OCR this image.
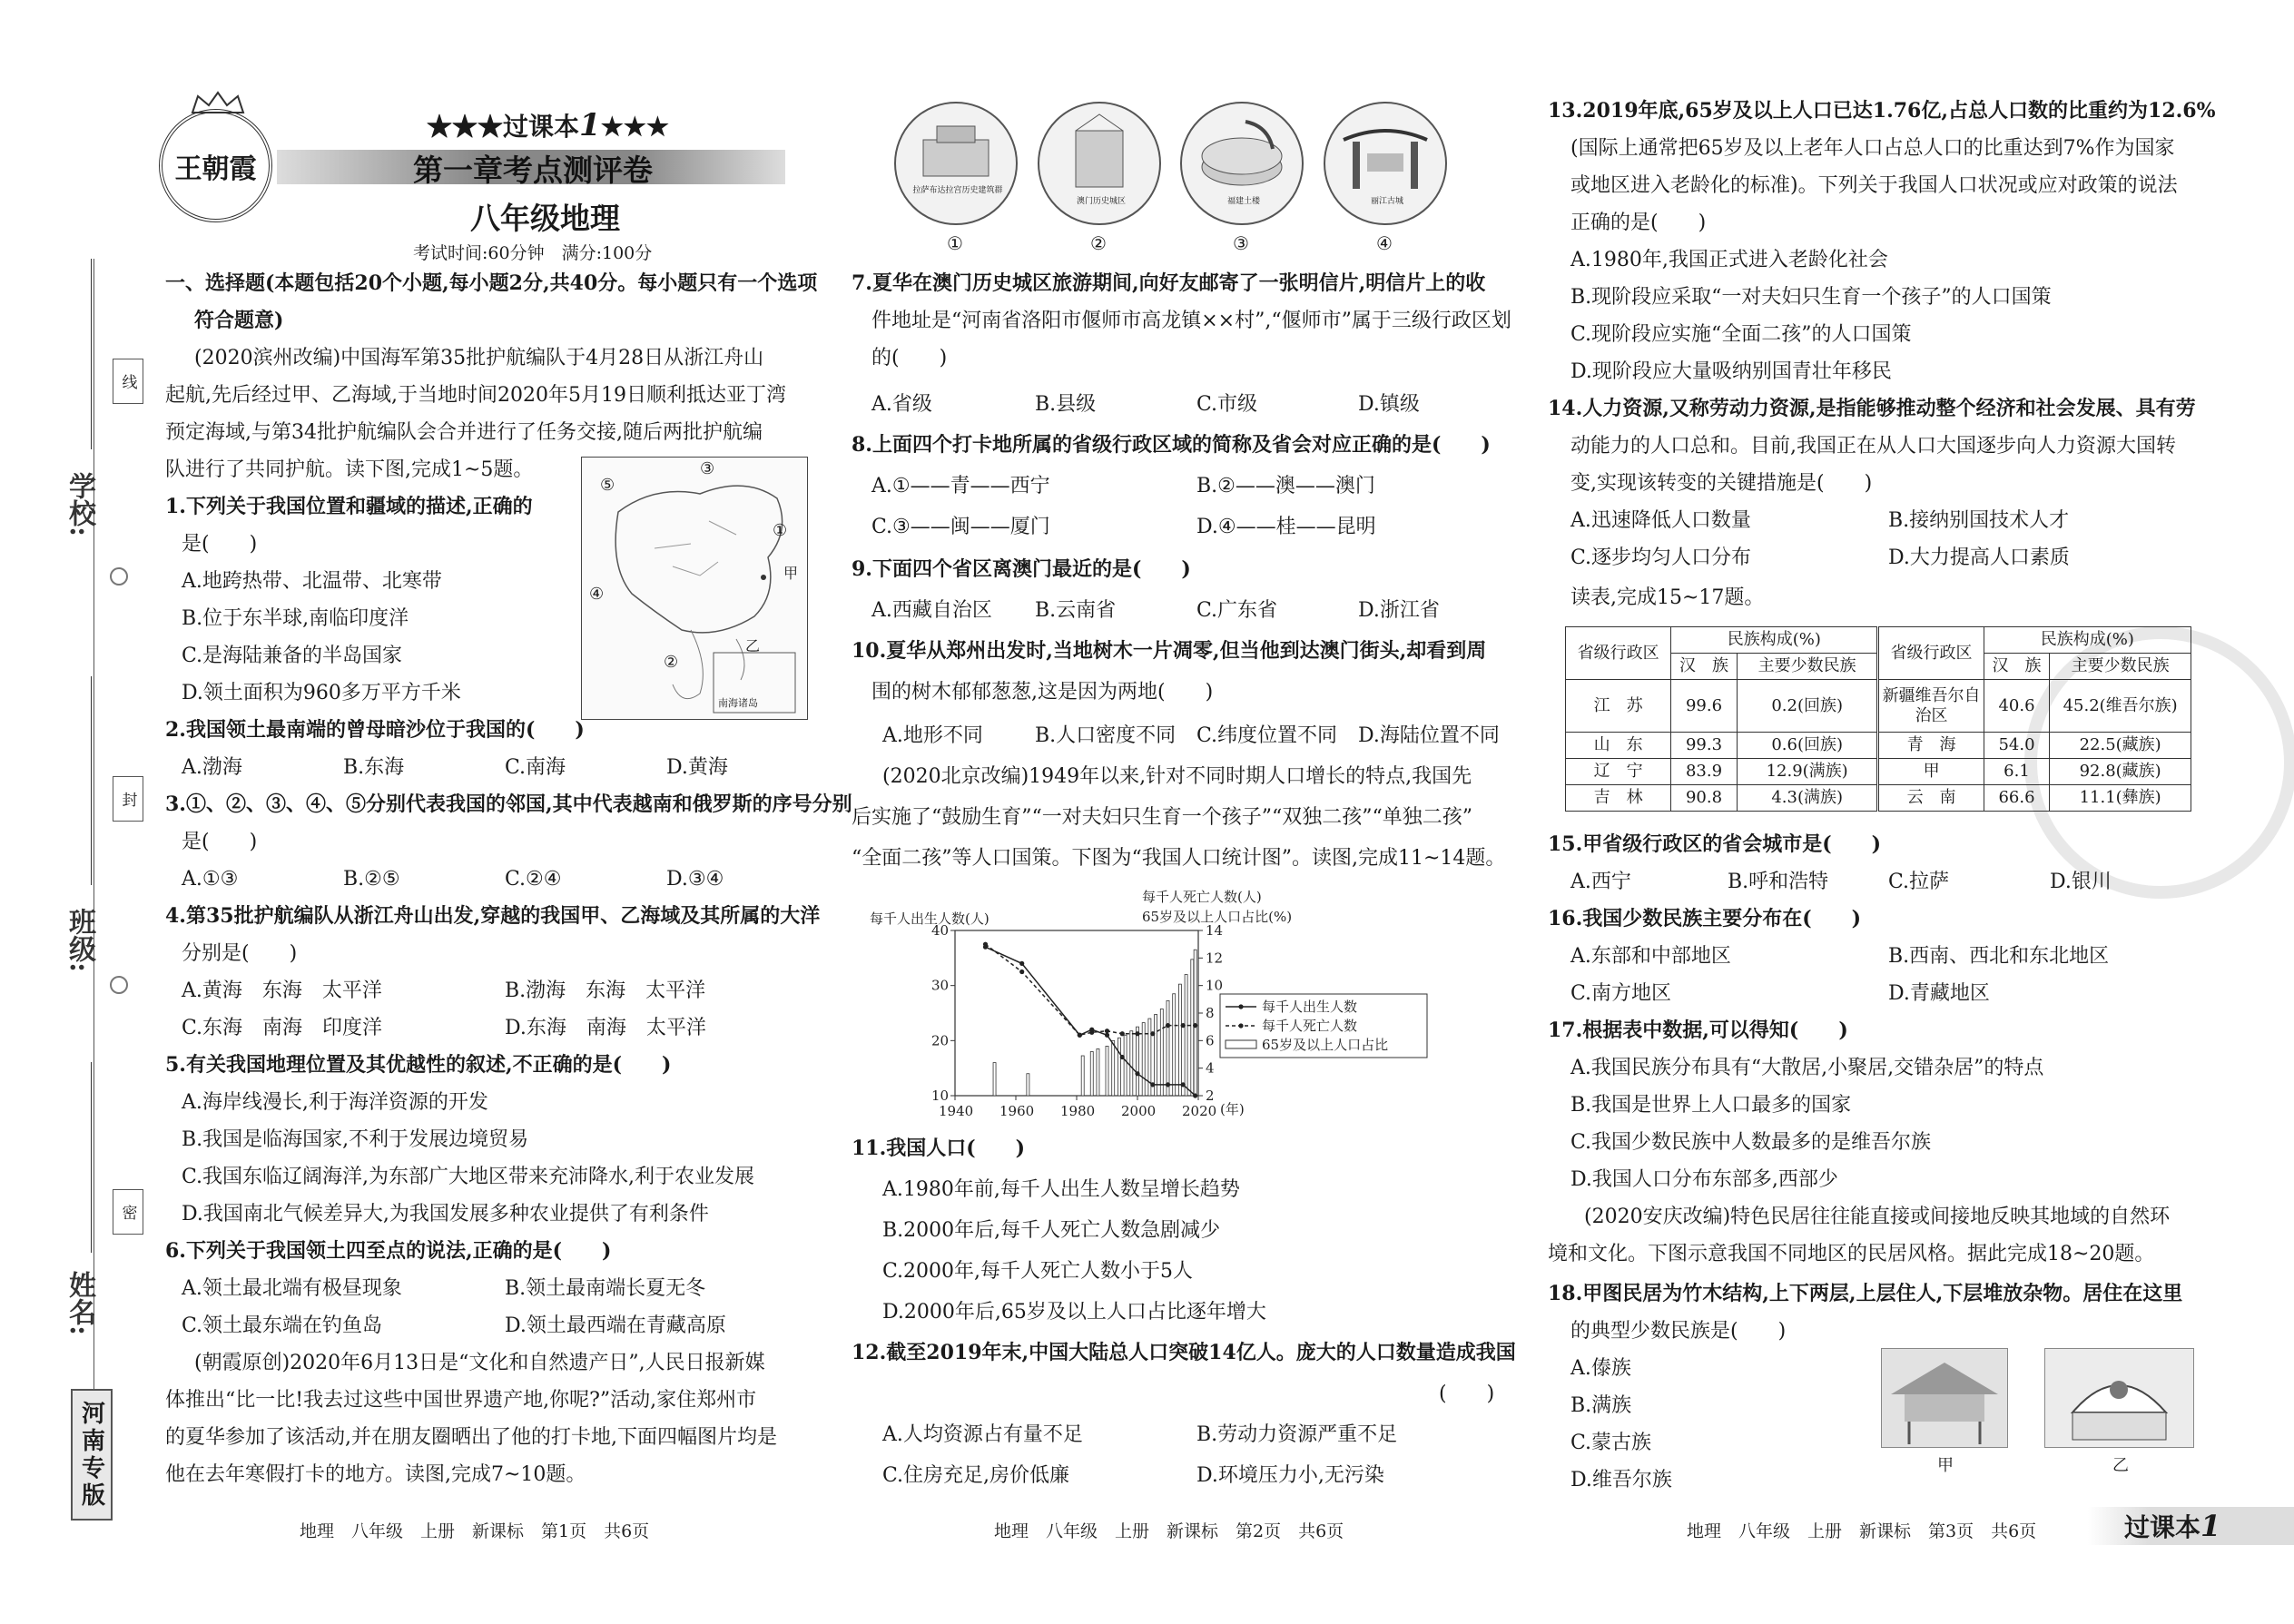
学校:
班级:
姓名:
线
封
密
河南专版
王朝霞
★★★过课本1★★★
第一章考点测评卷
八年级地理
考试时间:60分钟　满分:100分
一、选择题(本题包括20个小题,每小题2分,共40分。每小题只有一个选项
符合题意)
(2020滨州改编)中国海军第35批护航编队于4月28日从浙江舟山
起航,先后经过甲、乙海域,于当地时间2020年5月19日顺利抵达亚丁湾
预定海域,与第34批护航编队会合并进行了任务交接,随后两批护航编
队进行了共同护航。读下图,完成1~5题。
⑤
③
④
②
①
甲
乙
南海诸岛
1.下列关于我国位置和疆域的描述,正确的
是(　　)
A.地跨热带、北温带、北寒带
B.位于东半球,南临印度洋
C.是海陆兼备的半岛国家
D.领土面积为960多万平方千米
2.我国领土最南端的曾母暗沙位于我国的(　　)
A.渤海	B.东海	C.南海	D.黄海
3.①、②、③、④、⑤分别代表我国的邻国,其中代表越南和俄罗斯的序号分别
是(　　)
A.①③	B.②⑤	C.②④	D.③④
4.第35批护航编队从浙江舟山出发,穿越的我国甲、乙海域及其所属的大洋
分别是(　　)
A.黄海　东海　太平洋	B.渤海　东海　太平洋
C.东海　南海　印度洋	D.东海　南海　太平洋
5.有关我国地理位置及其优越性的叙述,不正确的是(　　)
A.海岸线漫长,利于海洋资源的开发
B.我国是临海国家,不利于发展边境贸易
C.我国东临辽阔海洋,为东部广大地区带来充沛降水,利于农业发展
D.我国南北气候差异大,为我国发展多种农业提供了有利条件
6.下列关于我国领土四至点的说法,正确的是(　　)
A.领土最北端有极昼现象	B.领土最南端长夏无冬
C.领土最东端在钓鱼岛	D.领土最西端在青藏高原
(朝霞原创)2020年6月13日是“文化和自然遗产日”,人民日报新媒
体推出“比一比!我去过这些中国世界遗产地,你呢?”活动,家住郑州市
的夏华参加了该活动,并在朋友圈晒出了他的打卡地,下面四幅图片均是
他在去年寒假打卡的地方。读图,完成7~10题。
地理　八年级　上册　新课标　第1页　共6页
拉萨布达拉宫历史建筑群
澳门历史城区	福建土楼	丽江古城
①	②	③	④
7.夏华在澳门历史城区旅游期间,向好友邮寄了一张明信片,明信片上的收
件地址是“河南省洛阳市偃师市高龙镇××村”,“偃师市”属于三级行政区划
的(　　)
A.省级	B.县级	C.市级	D.镇级
8.上面四个打卡地所属的省级行政区域的简称及省会对应正确的是(　　)
A.①——青——西宁	B.②——澳——澳门
C.③——闽——厦门	D.④——桂——昆明
9.下面四个省区离澳门最近的是(　　)
A.西藏自治区 B.云南省	C.广东省	D.浙江省
10.夏华从郑州出发时,当地树木一片凋零,但当他到达澳门街头,却看到周
围的树木郁郁葱葱,这是因为两地(　　)
A.地形不同	B.人口密度不同 C.纬度位置不同 D.海陆位置不同
(2020北京改编)1949年以来,针对不同时期人口增长的特点,我国先
后实施了“鼓励生育”“一对夫妇只生育一个孩子”“双独二孩”“单独二孩”
“全面二孩”等人口国策。下图为“我国人口统计图”。读图,完成11~14题。
每千人出生人数(人)
每千人死亡人数(人)
65岁及以上人口占比(%)
(年)
1940 1960 1980 2000 2020
10
20
30
40
2
4
6
8
10
12
14
每千人出生人数
每千人死亡人数
65岁及以上人口占比
11.我国人口(　　)
A.1980年前,每千人出生人数呈增长趋势
B.2000年后,每千人死亡人数急剧减少
C.2000年,每千人死亡人数小于5人
D.2000年后,65岁及以上人口占比逐年增大
12.截至2019年末,中国大陆总人口突破14亿人。庞大的人口数量造成我国
(　　)
A.人均资源占有量不足	B.劳动力资源严重不足
C.住房充足,房价低廉	D.环境压力小,无污染
地理　八年级　上册　新课标　第2页　共6页
13.2019年底,65岁及以上人口已达1.76亿,占总人口数的比重约为12.6%
(国际上通常把65岁及以上老年人口占总人口的比重达到7%作为国家
或地区进入老龄化的标准)。下列关于我国人口状况或应对政策的说法
正确的是(　　)
A.1980年,我国正式进入老龄化社会
B.现阶段应采取“一对夫妇只生育一个孩子”的人口国策
C.现阶段应实施“全面二孩”的人口国策
D.现阶段应大量吸纳别国青壮年移民
14.人力资源,又称劳动力资源,是指能够推动整个经济和社会发展、具有劳
动能力的人口总和。目前,我国正在从人口大国逐步向人力资源大国转
变,实现该转变的关键措施是(　　)
A.迅速降低人口数量	B.接纳别国技术人才
C.逐步均匀人口分布	D.大力提高人口素质
读表,完成15~17题。
省级行政区	民族构成(%)		省级行政区	民族构成(%)	
	汉　族	主要少数民族		汉　族	主要少数民族
江　苏	99.6	0.2(回族)	新疆维吾尔自治区	40.6	45.2(维吾尔族)
山　东	99.3	0.6(回族)	青　海	54.0	22.5(藏族)
辽　宁	83.9	12.9(满族)	甲	6.1	92.8(藏族)
吉　林	90.8	4.3(满族)	云　南	66.6	11.1(彝族)
15.甲省级行政区的省会城市是(　　)
A.西宁	B.呼和浩特	C.拉萨	D.银川
16.我国少数民族主要分布在(　　)
A.东部和中部地区	B.西南、西北和东北地区
C.南方地区	D.青藏地区
17.根据表中数据,可以得知(　　)
A.我国民族分布具有“大散居,小聚居,交错杂居”的特点
B.我国是世界上人口最多的国家
C.我国少数民族中人数最多的是维吾尔族
D.我国人口分布东部多,西部少
(2020安庆改编)特色民居往往能直接或间接地反映其地域的自然环
境和文化。下图示意我国不同地区的民居风格。据此完成18~20题。
18.甲图民居为竹木结构,上下两层,上层住人,下层堆放杂物。居住在这里
的典型少数民族是(　　)
A.傣族
B.满族
C.蒙古族
D.维吾尔族
甲	乙
地理　八年级　上册　新课标　第3页　共6页	过课本 1
